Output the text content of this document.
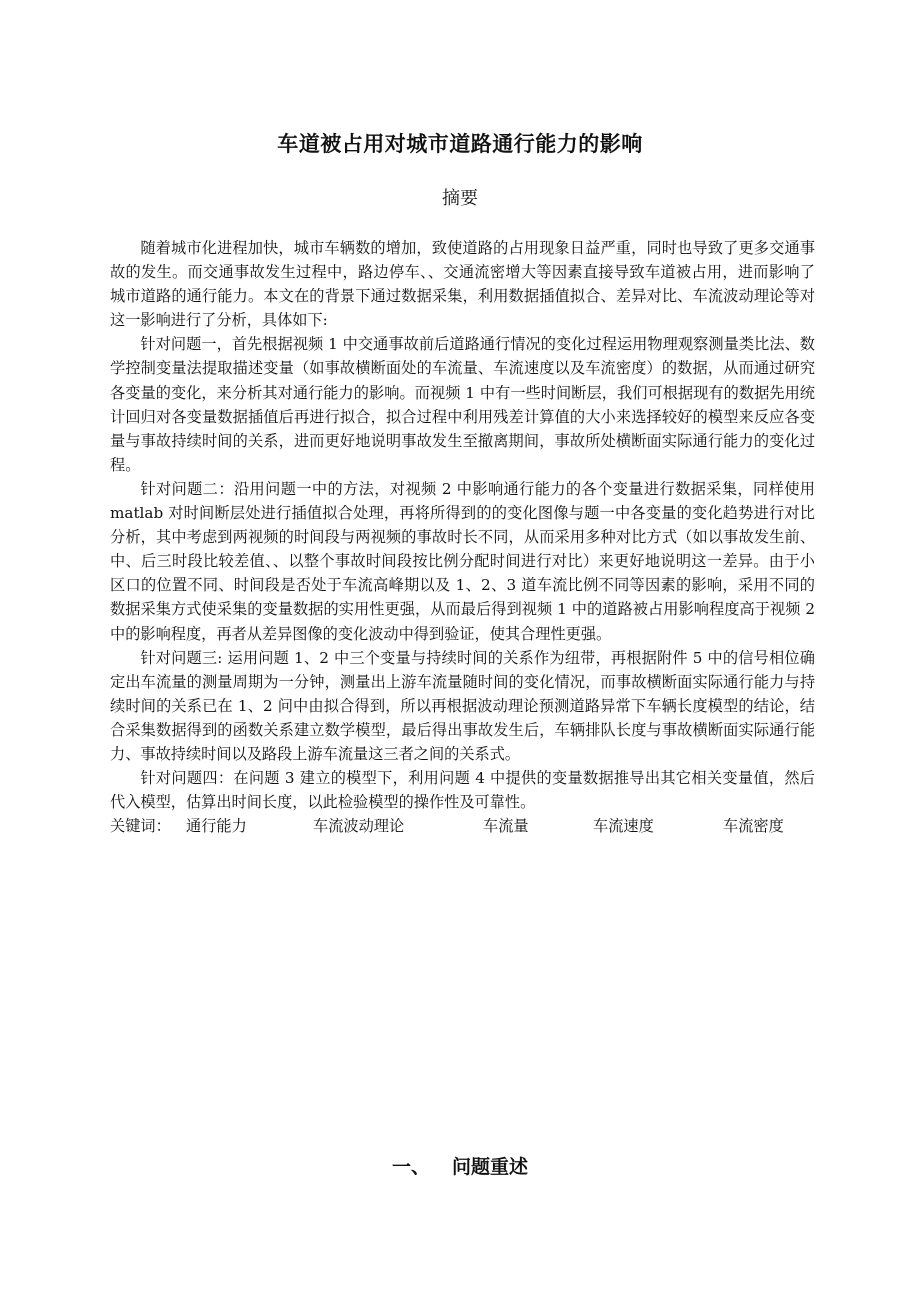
车道被占用对城市道路通行能力的影响
摘要

随着城市化进程加快，城市车辆数的增加，致使道路的占用现象日益严重，同时也导致了更多交通事故的发生。而交通事故发生过程中，路边停车、、交通流密增大等因素直接导致车道被占用，进而影响了城市道路的通行能力。本文在的背景下通过数据采集，利用数据插值拟合、差异对比、车流波动理论等对这一影响进行了分析，具体如下:

针对问题一，首先根据视频 1 中交通事故前后道路通行情况的变化过程运用物理观察测量类比法、数学控制变量法提取描述变量（如事故横断面处的车流量、车流速度以及车流密度）的数据，从而通过研究各变量的变化，来分析其对通行能力的影响。而视频 1 中有一些时间断层，我们可根据现有的数据先用统计回归对各变量数据插值后再进行拟合，拟合过程中利用残差计算值的大小来选择较好的模型来反应各变量与事故持续时间的关系，进而更好地说明事故发生至撤离期间，事故所处横断面实际通行能力的变化过程。

针对问题二：沿用问题一中的方法，对视频 2 中影响通行能力的各个变量进行数据采集，同样使用 matlab 对时间断层处进行插值拟合处理，再将所得到的的变化图像与题一中各变量的变化趋势进行对比分析，其中考虑到两视频的时间段与两视频的事故时长不同，从而采用多种对比方式（如以事故发生前、中、后三时段比较差值、、以整个事故时间段按比例分配时间进行对比）来更好地说明这一差异。由于小区口的位置不同、时间段是否处于车流高峰期以及 1、2、3 道车流比例不同等因素的影响，采用不同的数据采集方式使采集的变量数据的实用性更强，从而最后得到视频 1 中的道路被占用影响程度高于视频 2 中的影响程度，再者从差异图像的变化波动中得到验证，使其合理性更强。

针对问题三: 运用问题 1、2 中三个变量与持续时间的关系作为纽带，再根据附件 5 中的信号相位确定出车流量的测量周期为一分钟，测量出上游车流量随时间的变化情况，而事故横断面实际通行能力与持续时间的关系已在 1、2 问中由拟合得到，所以再根据波动理论预测道路异常下车辆长度模型的结论，结合采集数据得到的函数关系建立数学模型，最后得出事故发生后，车辆排队长度与事故横断面实际通行能力、事故持续时间以及路段上游车流量这三者之间的关系式。

针对问题四：在问题 3 建立的模型下，利用问题 4 中提供的变量数据推导出其它相关变量值，然后代入模型，估算出时间长度，以此检验模型的操作性及可靠性。

关键词：	通行能力	车流波动理论	车流量	车流速度	车流密度
一、 问题重述
